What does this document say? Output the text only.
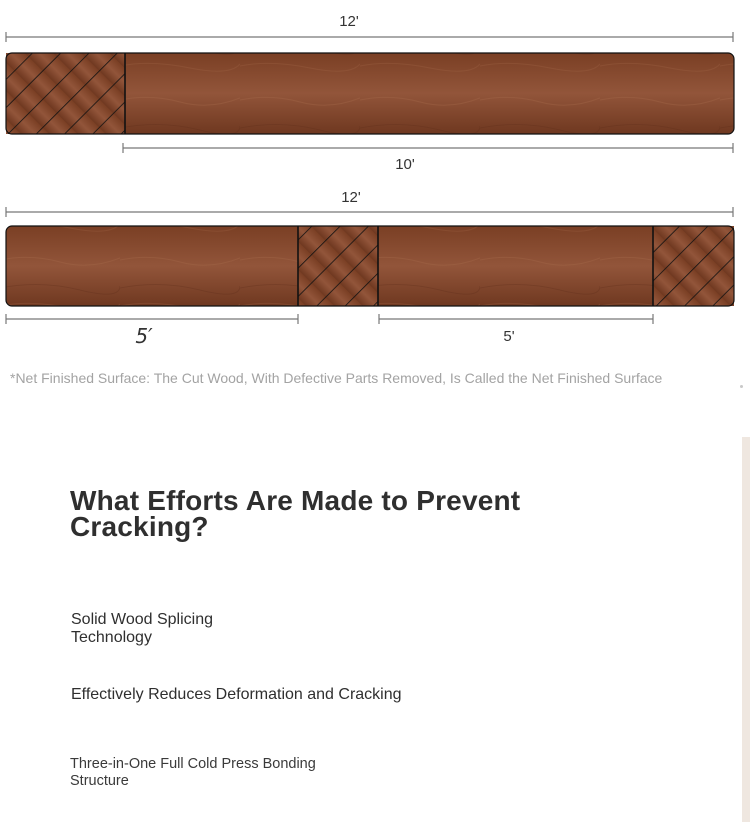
12'
10'
12'
5′	5'
*Net Finished Surface: The Cut Wood, With Defective Parts Removed, Is Called the Net Finished Surface
What Efforts Are Made to Prevent Cracking?
Solid Wood Splicing Technology
Effectively Reduces Deformation and Cracking
Three-in-One Full Cold Press Bonding Structure
